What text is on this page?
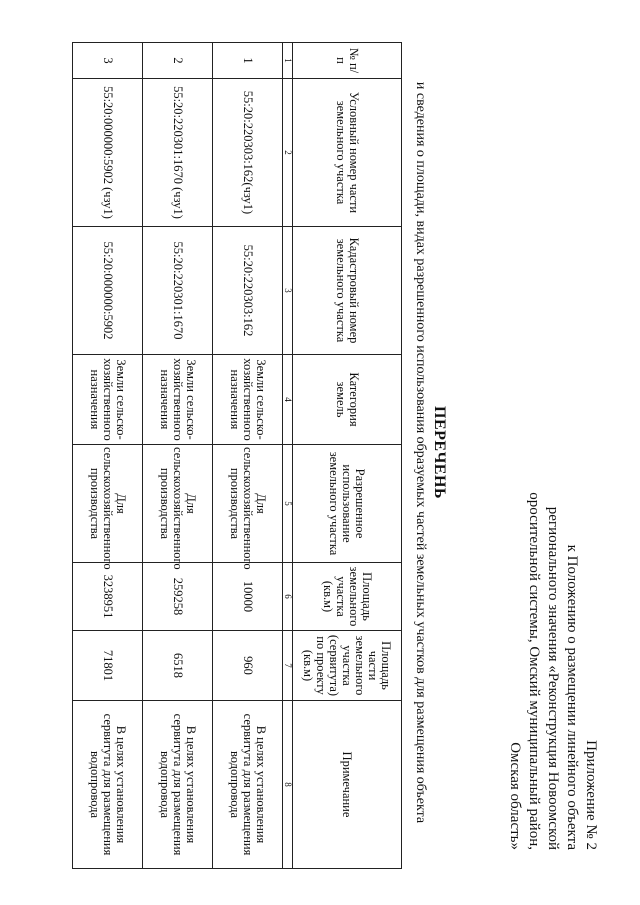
Приложение № 2
к Положению о размещении линейного объекта
регионального значения «Реконструкция Новоомской
оросительной системы, Омский муниципальный район,
Омская область»
ПЕРЕЧЕНЬ
и сведения о площади, видах разрешенного использования образуемых частей земельных участков для размещения объекта
№ п/п	Условный номер части земельного участка	Кадастровый номер земельного участка	Категория земель	Разрешенное использование земельного участка	Площадь земельного участка (кв.м)	Площадь части земельного участка (сервитута) по проекту (кв.м)	Примечание
1	2	3	4	5	6	7	8
1	55:20:220303:162(чзу1)	55:20:220303:162	Земли сельско-хозяйственного назначения	Для сельскохозяйственного производства	10000	960	В целях установления сервитута для размещения водопровода
2	55:20:220301:1670 (чзу1)	55:20:220301:1670	Земли сельско-хозяйственного назначения	Для сельскохозяйственного производства	259258	6518	В целях установления сервитута для размещения водопровода
3	55:20:000000:5902 (чзу1)	55:20:000000:5902	Земли сельско-хозяйственного назначения	Для сельскохозяйственного производства	3238951	71801	В целях установления сервитута для размещения водопровода
